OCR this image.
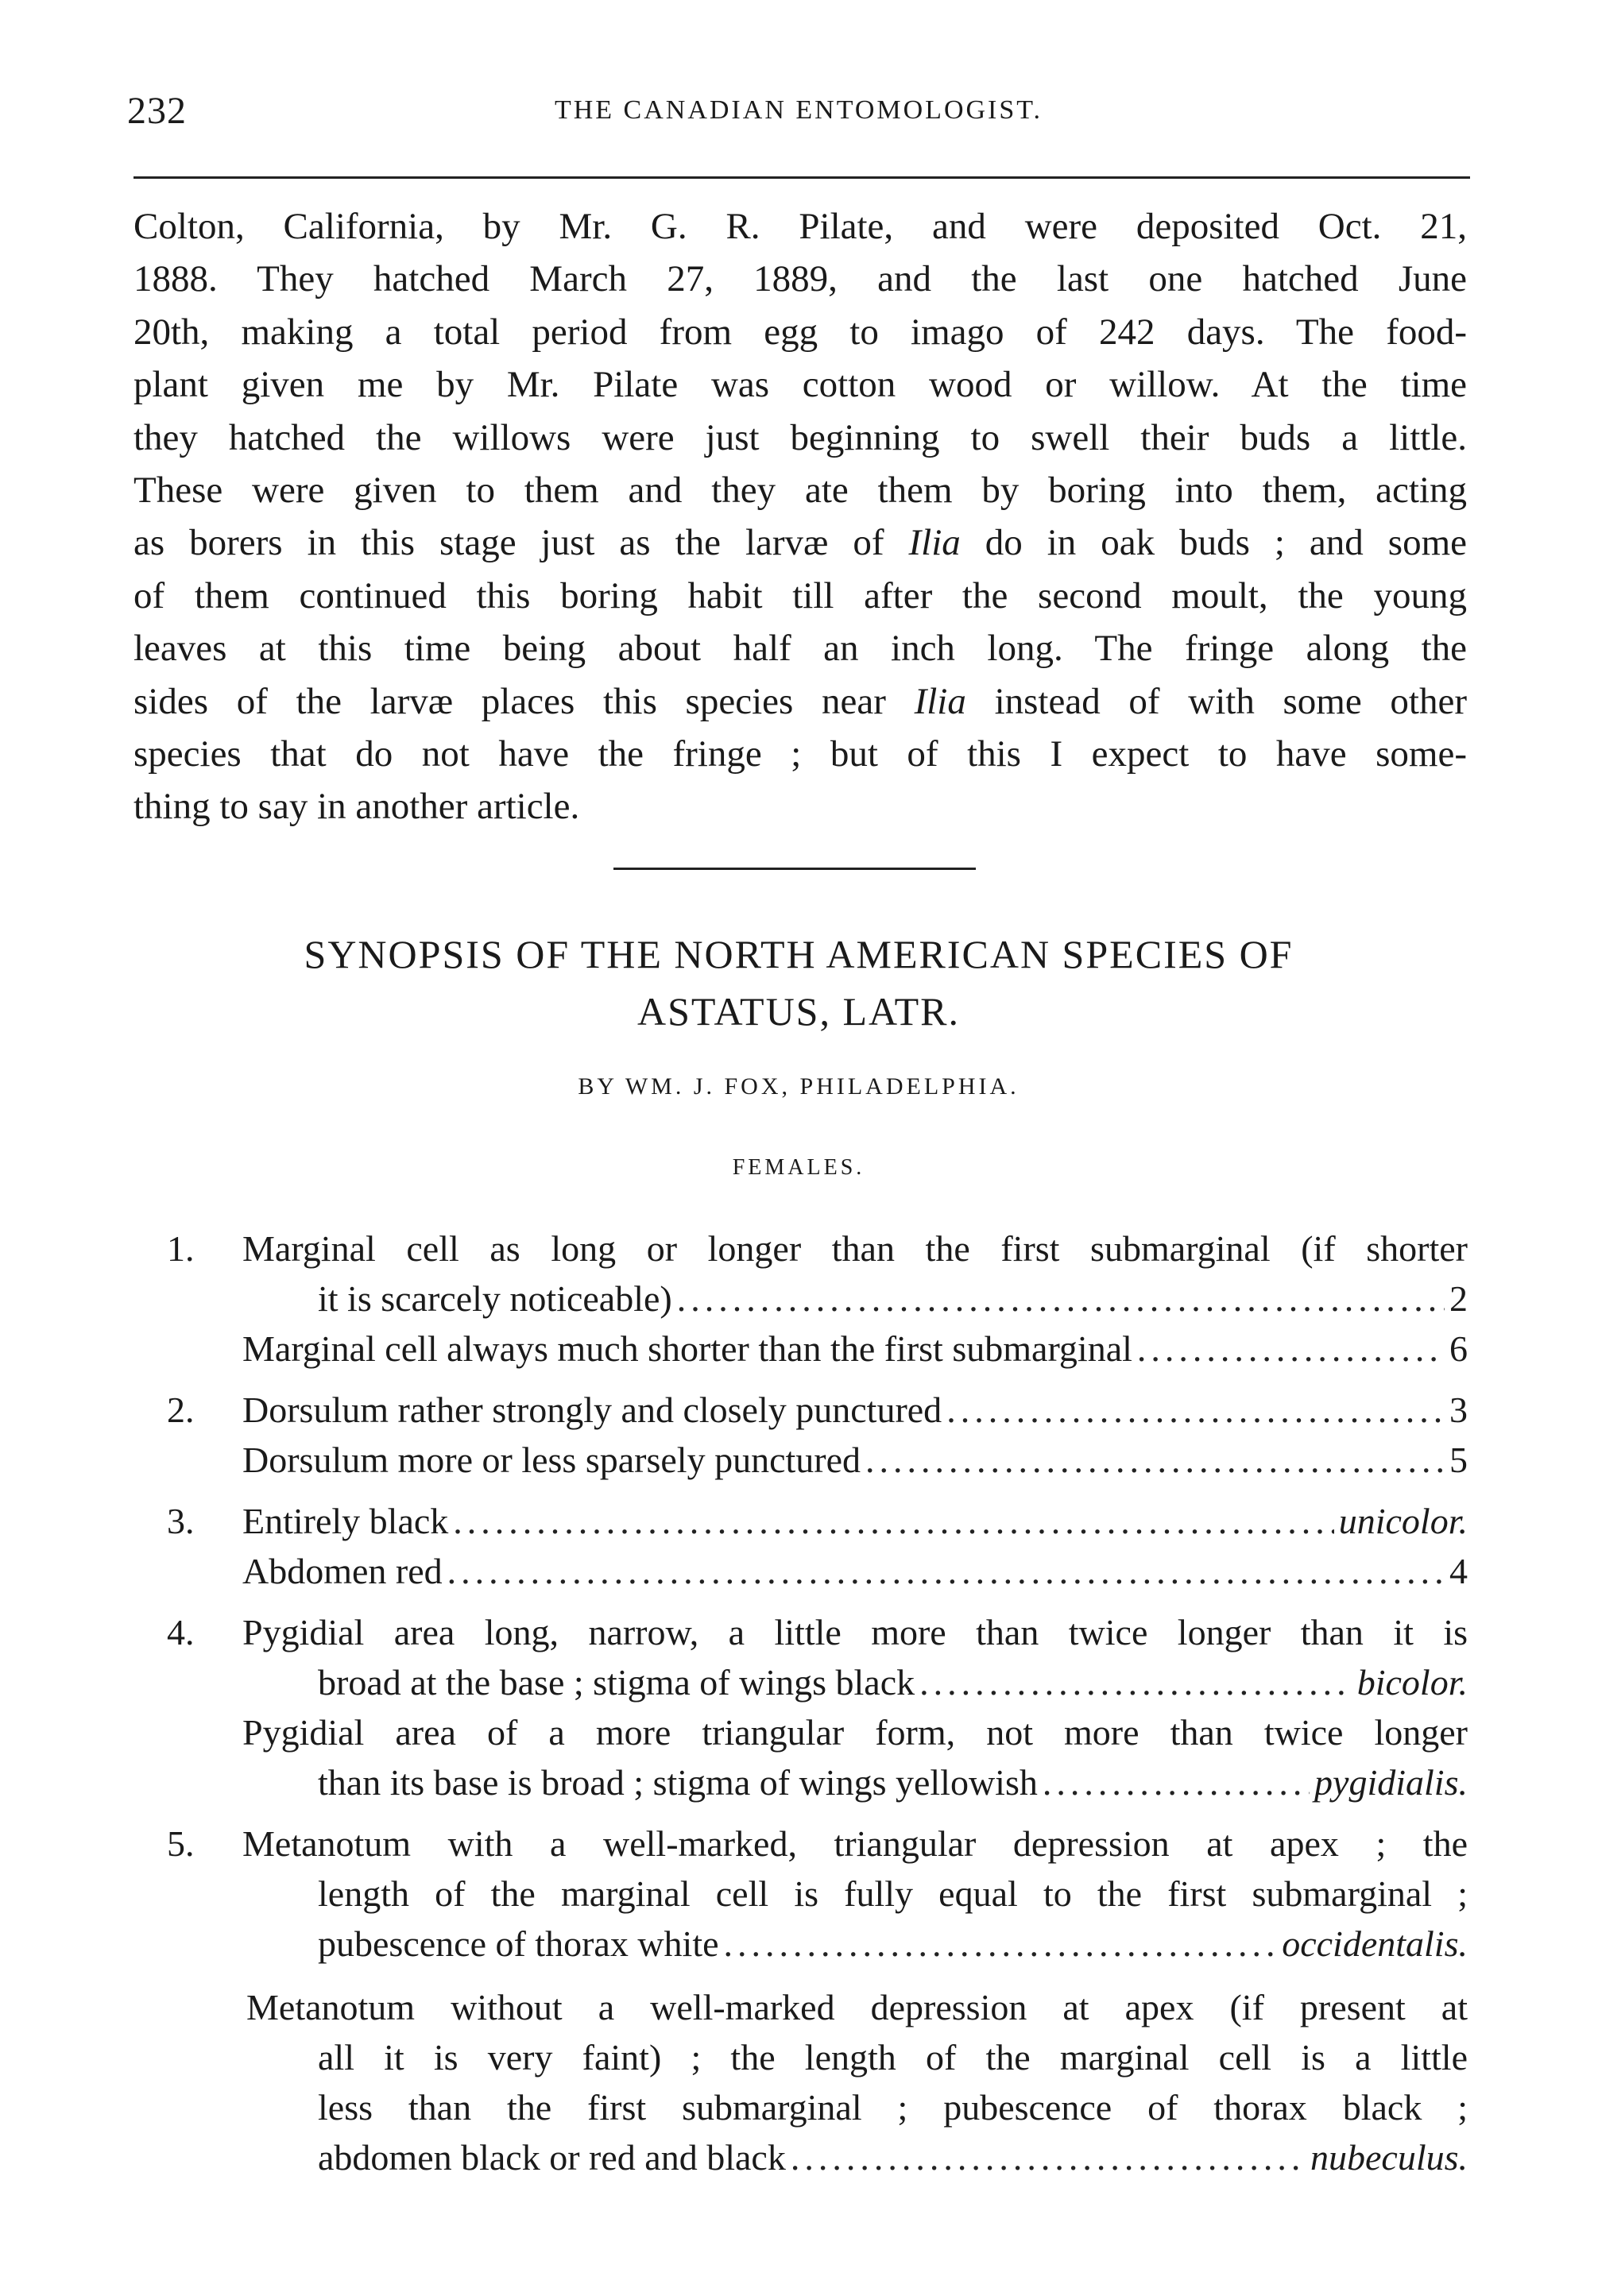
232	THE CANADIAN ENTOMOLOGIST.
Colton, California, by Mr. G. R. Pilate, and were deposited Oct. 21,
1888. They hatched March 27, 1889, and the last one hatched June
20th, making a total period from egg to imago of 242 days. The food-
plant given me by Mr. Pilate was cotton wood or willow. At the time
they hatched the willows were just beginning to swell their buds a little.
These were given to them and they ate them by boring into them, acting
as borers in this stage just as the larvæ of Ilia do in oak buds ; and some
of them continued this boring habit till after the second moult, the young
leaves at this time being about half an inch long. The fringe along the
sides of the larvæ places this species near Ilia instead of with some other
species that do not have the fringe ; but of this I expect to have some-
thing to say in another article.
SYNOPSIS OF THE NORTH AMERICAN SPECIES OF
ASTATUS, LATR.
BY WM. J. FOX, PHILADELPHIA.
FEMALES.
1. Marginal cell as long or longer than the first submarginal (if shorter
it is scarcely noticeable) .....	2
Marginal cell always much shorter than the first submarginal .....	6
2. Dorsulum rather strongly and closely punctured .....	3
Dorsulum more or less sparsely punctured .....	5
3. Entirely black .....	unicolor.
Abdomen red .....	4
4. Pygidial area long, narrow, a little more than twice longer than it is
broad at the base ; stigma of wings black .....	bicolor.
Pygidial area of a more triangular form, not more than twice longer
than its base is broad ; stigma of wings yellowish .....	pygidialis.
5. Metanotum with a well-marked, triangular depression at apex ; the
length of the marginal cell is fully equal to the first submarginal ;
pubescence of thorax white .....	occidentalis.
Metanotum without a well-marked depression at apex (if present at
all it is very faint) ; the length of the marginal cell is a little
less than the first submarginal ; pubescence of thorax black ;
abdomen black or red and black .....	nubeculus.
